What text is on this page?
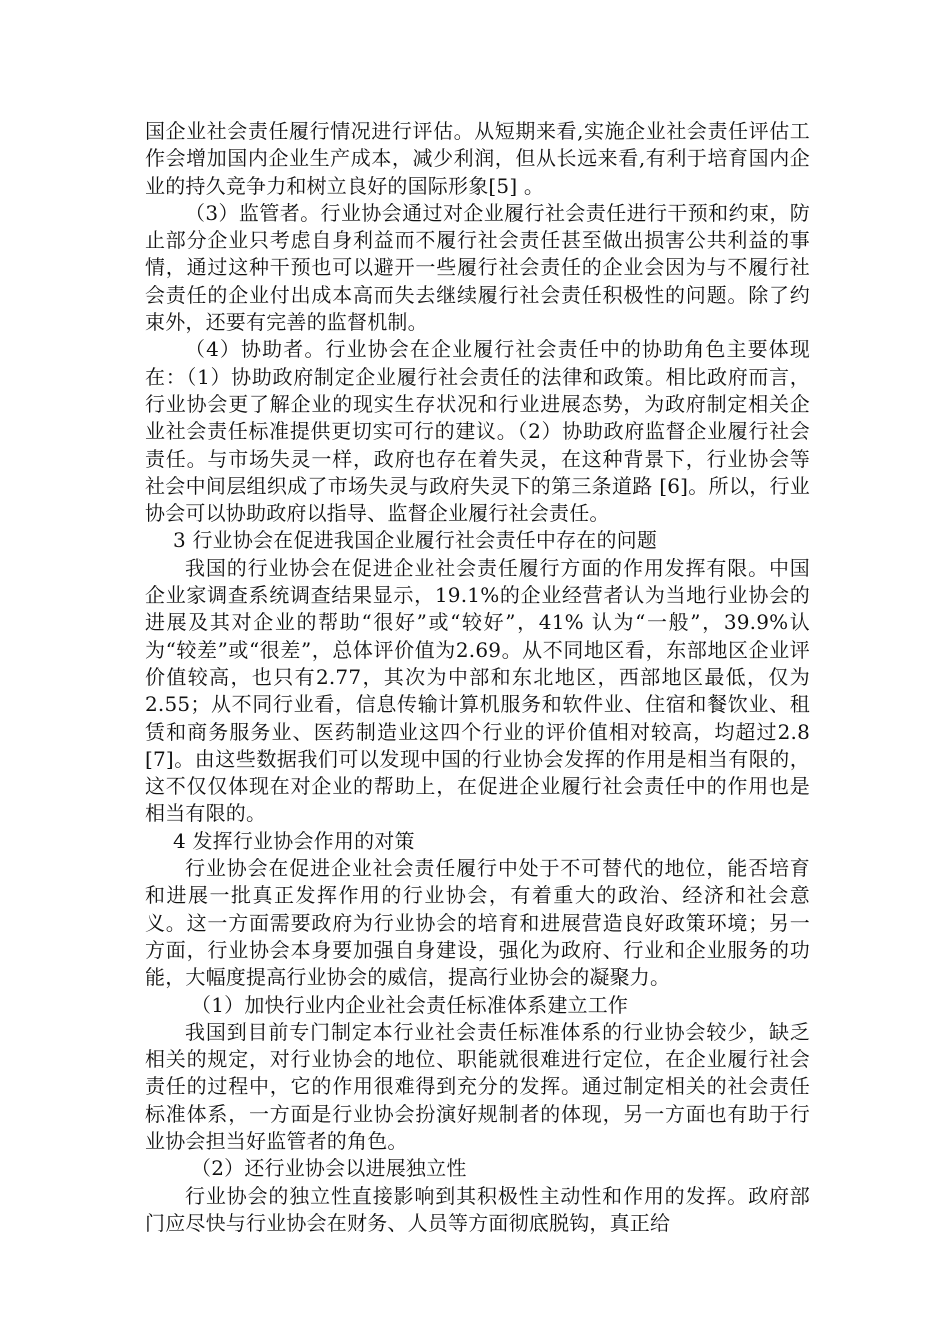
国企业社会责任履行情况进行评估。从短期来看,实施企业社会责任评估工作会增加国内企业生产成本，减少利润，但从长远来看,有利于培育国内企业的持久竞争力和树立良好的国际形象[5] 。

（3）监管者。行业协会通过对企业履行社会责任进行干预和约束，防止部分企业只考虑自身利益而不履行社会责任甚至做出损害公共利益的事情，通过这种干预也可以避开一些履行社会责任的企业会因为与不履行社会责任的企业付出成本高而失去继续履行社会责任积极性的问题。除了约束外，还要有完善的监督机制。

（4）协助者。行业协会在企业履行社会责任中的协助角色主要体现在：（1）协助政府制定企业履行社会责任的法律和政策。相比政府而言，行业协会更了解企业的现实生存状况和行业进展态势，为政府制定相关企业社会责任标准提供更切实可行的建议。（2）协助政府监督企业履行社会责任。与市场失灵一样，政府也存在着失灵，在这种背景下，行业协会等社会中间层组织成了市场失灵与政府失灵下的第三条道路 [6]。所以，行业协会可以协助政府以指导、监督企业履行社会责任。

3 行业协会在促进我国企业履行社会责任中存在的问题

我国的行业协会在促进企业社会责任履行方面的作用发挥有限。中国企业家调查系统调查结果显示，19.1%的企业经营者认为当地行业协会的进展及其对企业的帮助“很好”或“较好”，41% 认为“一般”，39.9%认为“较差”或“很差”，总体评价值为2.69。从不同地区看，东部地区企业评价值较高，也只有2.77，其次为中部和东北地区，西部地区最低，仅为2.55；从不同行业看，信息传输计算机服务和软件业、住宿和餐饮业、租赁和商务服务业、医药制造业这四个行业的评价值相对较高，均超过2.8 [7]。由这些数据我们可以发现中国的行业协会发挥的作用是相当有限的，这不仅仅体现在对企业的帮助上，在促进企业履行社会责任中的作用也是相当有限的。

4 发挥行业协会作用的对策

行业协会在促进企业社会责任履行中处于不可替代的地位，能否培育和进展一批真正发挥作用的行业协会，有着重大的政治、经济和社会意义。这一方面需要政府为行业协会的培育和进展营造良好政策环境；另一方面，行业协会本身要加强自身建设，强化为政府、行业和企业服务的功能，大幅度提高行业协会的威信，提高行业协会的凝聚力。

（1）加快行业内企业社会责任标准体系建立工作

我国到目前专门制定本行业社会责任标准体系的行业协会较少，缺乏相关的规定，对行业协会的地位、职能就很难进行定位，在企业履行社会责任的过程中，它的作用很难得到充分的发挥。通过制定相关的社会责任标准体系，一方面是行业协会扮演好规制者的体现，另一方面也有助于行业协会担当好监管者的角色。

（2）还行业协会以进展独立性

行业协会的独立性直接影响到其积极性主动性和作用的发挥。政府部门应尽快与行业协会在财务、人员等方面彻底脱钩，真正给
